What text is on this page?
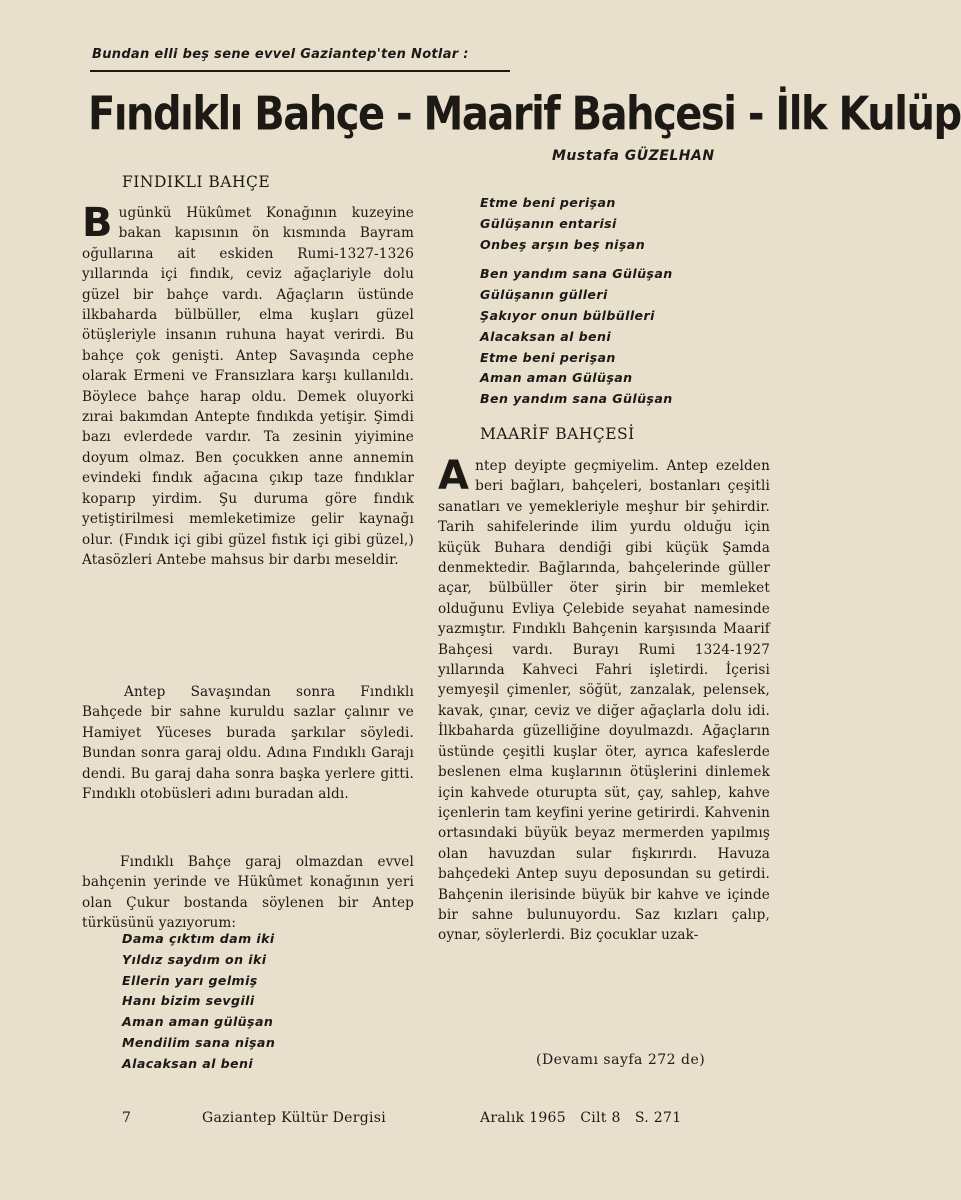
Bundan elli beş sene evvel Gaziantep'ten Notlar :
Fındıklı Bahçe - Maarif Bahçesi - İlk Kulüp
Mustafa GÜZELHAN
FINDIKLI BAHÇE

B ugünkü Hükûmet Konağının kuzeyine bakan kapısının ön kısmında Bayram oğullarına ait eskiden Rumi-1327-1326 yıllarında içi fındık, ceviz ağaçlariyle dolu güzel bir bahçe vardı. Ağaçların üstünde ilkbaharda bülbüller, elma kuşları güzel ötüşleriyle insanın ruhuna hayat verirdi. Bu bahçe çok genişti. Antep Savaşında cephe olarak Ermeni ve Fransızlara karşı kullanıldı. Böylece bahçe harap oldu. Demek oluyorki zırai bakımdan Antepte fındıkda yetişir. Şimdi bazı evlerdede vardır. Ta zesinin yiyimine doyum olmaz. Ben çocukken anne annemin evindeki fındık ağacına çıkıp taze fındıklar koparıp yirdim. Şu duruma göre fındık yetiştirilmesi memleketimize gelir kaynağı olur. (Fındık içi gibi güzel fıstık içi gibi güzel,) Atasözleri Antebe mahsus bir darbı meseldir.

Antep Savaşından sonra Fındıklı Bahçede bir sahne kuruldu sazlar çalınır ve Hamiyet Yüceses burada şarkılar söyledi. Bundan sonra garaj oldu. Adına Fındıklı Garajı dendi. Bu garaj daha sonra başka yerlere gitti. Fındıklı otobüsleri adını buradan aldı.

Fındıklı Bahçe garaj olmazdan evvel bahçenin yerinde ve Hükûmet konağının yeri olan Çukur bostanda söylenen bir Antep türküsünü yazıyorum:

Dama çıktım dam iki
Yıldız saydım on iki
Ellerin yarı gelmiş
Hanı bizim sevgili
Aman aman gülüşan
Mendilim sana nişan
Alacaksan al beni
Etme beni perişan
Gülüşanın entarisi
Onbeş arşın beş nişan
Ben yandım sana Gülüşan
Gülüşanın gülleri
Şakıyor onun bülbülleri
Alacaksan al beni
Etme beni perişan
Aman aman Gülüşan
Ben yandım sana Gülüşan
MAARİF BAHÇESİ

A ntep deyipte geçmiyelim. Antep ezelden beri bağları, bahçeleri, bostanları çeşitli sanatları ve yemekleriyle meşhur bir şehirdir. Tarih sahifelerinde ilim yurdu olduğu için küçük Buhara dendiği gibi küçük Şamda denmektedir. Bağlarında, bahçelerinde güller açar, bülbüller öter şirin bir memleket olduğunu Evliya Çelebide seyahat namesinde yazmıştır. Fındıklı Bahçenin karşısında Maarif Bahçesi vardı. Burayı Rumi 1324-1927 yıllarında Kahveci Fahri işletirdi. İçerisi yemyeşil çimenler, söğüt, zanzalak, pelensek, kavak, çınar, ceviz ve diğer ağaçlarla dolu idi. İlkbaharda güzelliğine doyulmazdı. Ağaçların üstünde çeşitli kuşlar öter, ayrıca kafeslerde beslenen elma kuşlarının ötüşlerini dinlemek için kahvede oturupta süt, çay, sahlep, kahve içenlerin tam keyfini yerine getirirdi. Kahvenin ortasındaki büyük beyaz mermerden yapılmış olan havuzdan sular fışkırırdı. Havuza bahçedeki Antep suyu deposundan su getirdi. Bahçenin ilerisinde büyük bir kahve ve içinde bir sahne bulunuyordu. Saz kızları çalıp, oynar, söylerlerdi. Biz çocuklar uzak-

(Devamı sayfa 272 de)
7	Gaziantep Kültür Dergisi	Aralık 1965   Cilt 8   S. 271
